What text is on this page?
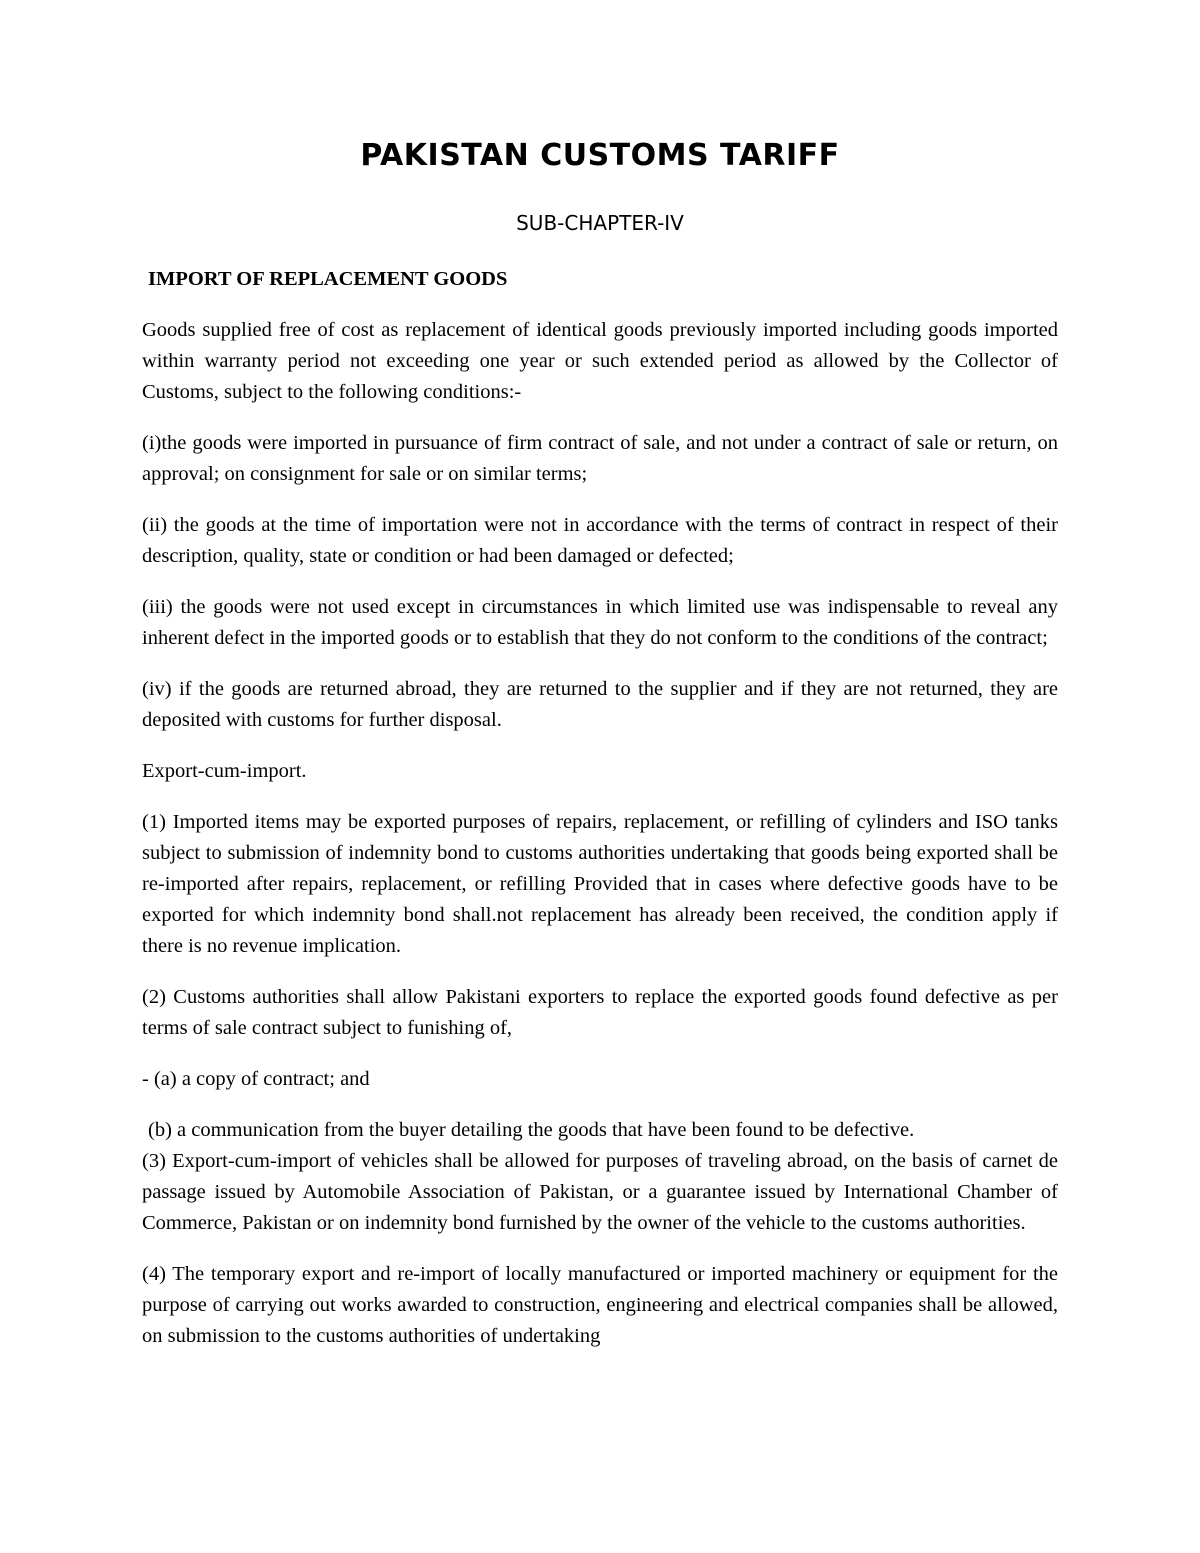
PAKISTAN CUSTOMS TARIFF
SUB-CHAPTER-IV

IMPORT OF REPLACEMENT GOODS

Goods supplied free of cost as replacement of identical goods previously imported including goods imported within warranty period not exceeding one year or such extended period as allowed by the Collector of Customs, subject to the following conditions:-

(i)the goods were imported in pursuance of firm contract of sale, and not under a contract of sale or return, on approval; on consignment for sale or on similar terms;

(ii) the goods at the time of importation were not in accordance with the terms of contract in respect of their description, quality, state or condition or had been damaged or defected;

(iii) the goods were not used except in circumstances in which limited use was indispensable to reveal any inherent defect in the imported goods or to establish that they do not conform to the conditions of the contract;

(iv) if the goods are returned abroad, they are returned to the supplier and if they are not returned, they are deposited with customs for further disposal.

Export-cum-import.

(1) Imported items may be exported purposes of repairs, replacement, or refilling of cylinders and ISO tanks subject to submission of indemnity bond to customs authorities undertaking that goods being exported shall be re-imported after repairs, replacement, or refilling Provided that in cases where defective goods have to be exported for which indemnity bond shall.not replacement has already been received, the condition apply if there is no revenue implication.

(2) Customs authorities shall allow Pakistani exporters to replace the exported goods found defective as per terms of sale contract subject to funishing of,

- (a) a copy of contract; and

(b) a communication from the buyer detailing the goods that have been found to be defective.

(3) Export-cum-import of vehicles shall be allowed for purposes of traveling abroad, on the basis of carnet de passage issued by Automobile Association of Pakistan, or a guarantee issued by International Chamber of Commerce, Pakistan or on indemnity bond furnished by the owner of the vehicle to the customs authorities.

(4) The temporary export and re-import of locally manufactured or imported machinery or equipment for the purpose of carrying out works awarded to construction, engineering and electrical companies shall be allowed, on submission to the customs authorities of undertaking
